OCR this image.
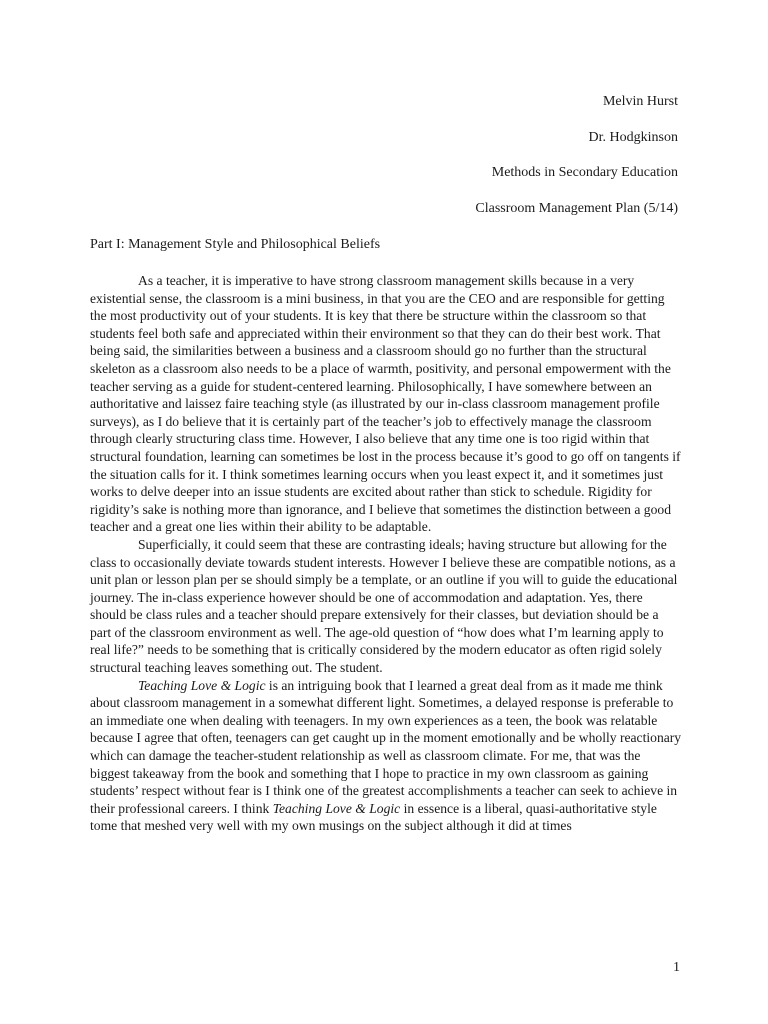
Melvin Hurst
Dr. Hodgkinson
Methods in Secondary Education
Classroom Management Plan (5/14)
Part I: Management Style and Philosophical Beliefs

As a teacher, it is imperative to have strong classroom management skills because in a very existential sense, the classroom is a mini business, in that you are the CEO and are responsible for getting the most productivity out of your students. It is key that there be structure within the classroom so that students feel both safe and appreciated within their environment so that they can do their best work. That being said, the similarities between a business and a classroom should go no further than the structural skeleton as a classroom also needs to be a place of warmth, positivity, and personal empowerment with the teacher serving as a guide for student-centered learning. Philosophically, I have somewhere between an authoritative and laissez faire teaching style (as illustrated by our in-class classroom management profile surveys), as I do believe that it is certainly part of the teacher’s job to effectively manage the classroom through clearly structuring class time. However, I also believe that any time one is too rigid within that structural foundation, learning can sometimes be lost in the process because it’s good to go off on tangents if the situation calls for it. I think sometimes learning occurs when you least expect it, and it sometimes just works to delve deeper into an issue students are excited about rather than stick to schedule. Rigidity for rigidity’s sake is nothing more than ignorance, and I believe that sometimes the distinction between a good teacher and a great one lies within their ability to be adaptable.

Superficially, it could seem that these are contrasting ideals; having structure but allowing for the class to occasionally deviate towards student interests. However I believe these are compatible notions, as a unit plan or lesson plan per se should simply be a template, or an outline if you will to guide the educational journey. The in-class experience however should be one of accommodation and adaptation. Yes, there should be class rules and a teacher should prepare extensively for their classes, but deviation should be a part of the classroom environment as well. The age-old question of “how does what I’m learning apply to real life?” needs to be something that is critically considered by the modern educator as often rigid solely structural teaching leaves something out. The student.

Teaching Love & Logic is an intriguing book that I learned a great deal from as it made me think about classroom management in a somewhat different light. Sometimes, a delayed response is preferable to an immediate one when dealing with teenagers. In my own experiences as a teen, the book was relatable because I agree that often, teenagers can get caught up in the moment emotionally and be wholly reactionary which can damage the teacher-student relationship as well as classroom climate. For me, that was the biggest takeaway from the book and something that I hope to practice in my own classroom as gaining students’ respect without fear is I think one of the greatest accomplishments a teacher can seek to achieve in their professional careers. I think Teaching Love & Logic in essence is a liberal, quasi-authoritative style tome that meshed very well with my own musings on the subject although it did at times

1
